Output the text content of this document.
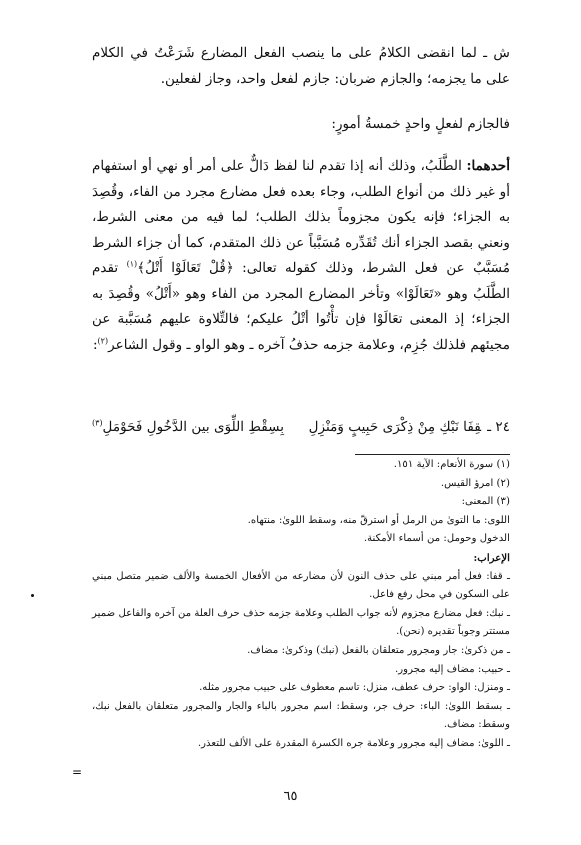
ش ـ لما انقضى الكلامُ على ما ينصب الفعل المضارع شَرَعْتُ في الكلام على ما يجزمه؛ والجازم ضربان: جازم لفعل واحد، وجاز لفعلين.

فالجازم لفعلٍ واحدٍ خمسةُ أمورٍ:

أحدهما: الطَّلَبُ، وذلك أنه إذا تقدم لنا لفظ دَالٌّ على أمر أو نهي أو استفهام أو غير ذلك من أنواع الطلب، وجاء بعده فعل مضارع مجرد من الفاء، وقُصِدَ به الجزاء؛ فإنه يكون مجزوماً بذلك الطلب؛ لما فيه من معنى الشرط، ونعني بقصد الجزاء أنك تُقَدِّره مُسَبَّباً عن ذلك المتقدم، كما أن جزاء الشرط مُسَبَّبٌ عن فعل الشرط، وذلك كقوله تعالى: ﴿قُلْ تَعَالَوْا أَتْلُ﴾$^{(١)}$ تقدم الطَّلَبُ وهو «تَعَالَوْا» وتأخر المضارع المجرد من الفاء وهو «أَتْلُ» وقُصِدَ به الجزاء؛ إذ المعنى تعَالَوْا فإن تأْتُوا أتْلُ عليكم؛ فالتِّلاوة عليهم مُسَبَّبة عن مجيئهم فلذلك جُزِم، وعلامة جزمه حذفُ آخره ـ وهو الواو ـ وقول الشاعر$^{(٢)}$:

٢٤ ـقِفَا نَبْكِ مِنْ ذِكْرَى حَبِيبٍ وَمَنْزِلِ
بِسِقْطِ اللِّوَى بين الدَّخُولِ فَحَوْمَلِ$^{(٣)}$
(١) سورة الأنعام: الآية ١٥١.
(٢) امرؤ القيس.
(٣) المعنى:
اللوى: ما التوىٰ من الرمل أو استرقّ منه، وسقط اللوىٰ: منتهاه.
الدخول وحومل: من أسماء الأمكنة.
الإعراب:
ـ قفا: فعل أمر مبني على حذف النون لأن مضارعه من الأفعال الخمسة والألف ضمير متصل مبني على السكون في محل رفع فاعل.
ـ نبك: فعل مضارع مجزوم لأنه جواب الطلب وعلامة جزمه حذف حرف العلة من آخره والفاعل ضمير مستتر وجوباً تقديره (نحن).
ـ من ذكرىٰ: جار ومجرور متعلقان بالفعل (نبك) وذكرىٰ: مضاف.
ـ حبيب: مضاف إليه مجرور.
ـ ومنزل: الواو: حرف عطف، منزل: تاسم معطوف على حبيب مجرور مثله.
ـ بسقط اللوىٰ: الباء: حرف جر، وسقط: اسم مجرور بالباء والجار والمجرور متعلقان بالفعل نبك، وسقط: مضاف.
ـ اللوىٰ: مضاف إليه مجرور وعلامة جره الكسرة المقدرة على الألف للتعذر.
=
٦٥
